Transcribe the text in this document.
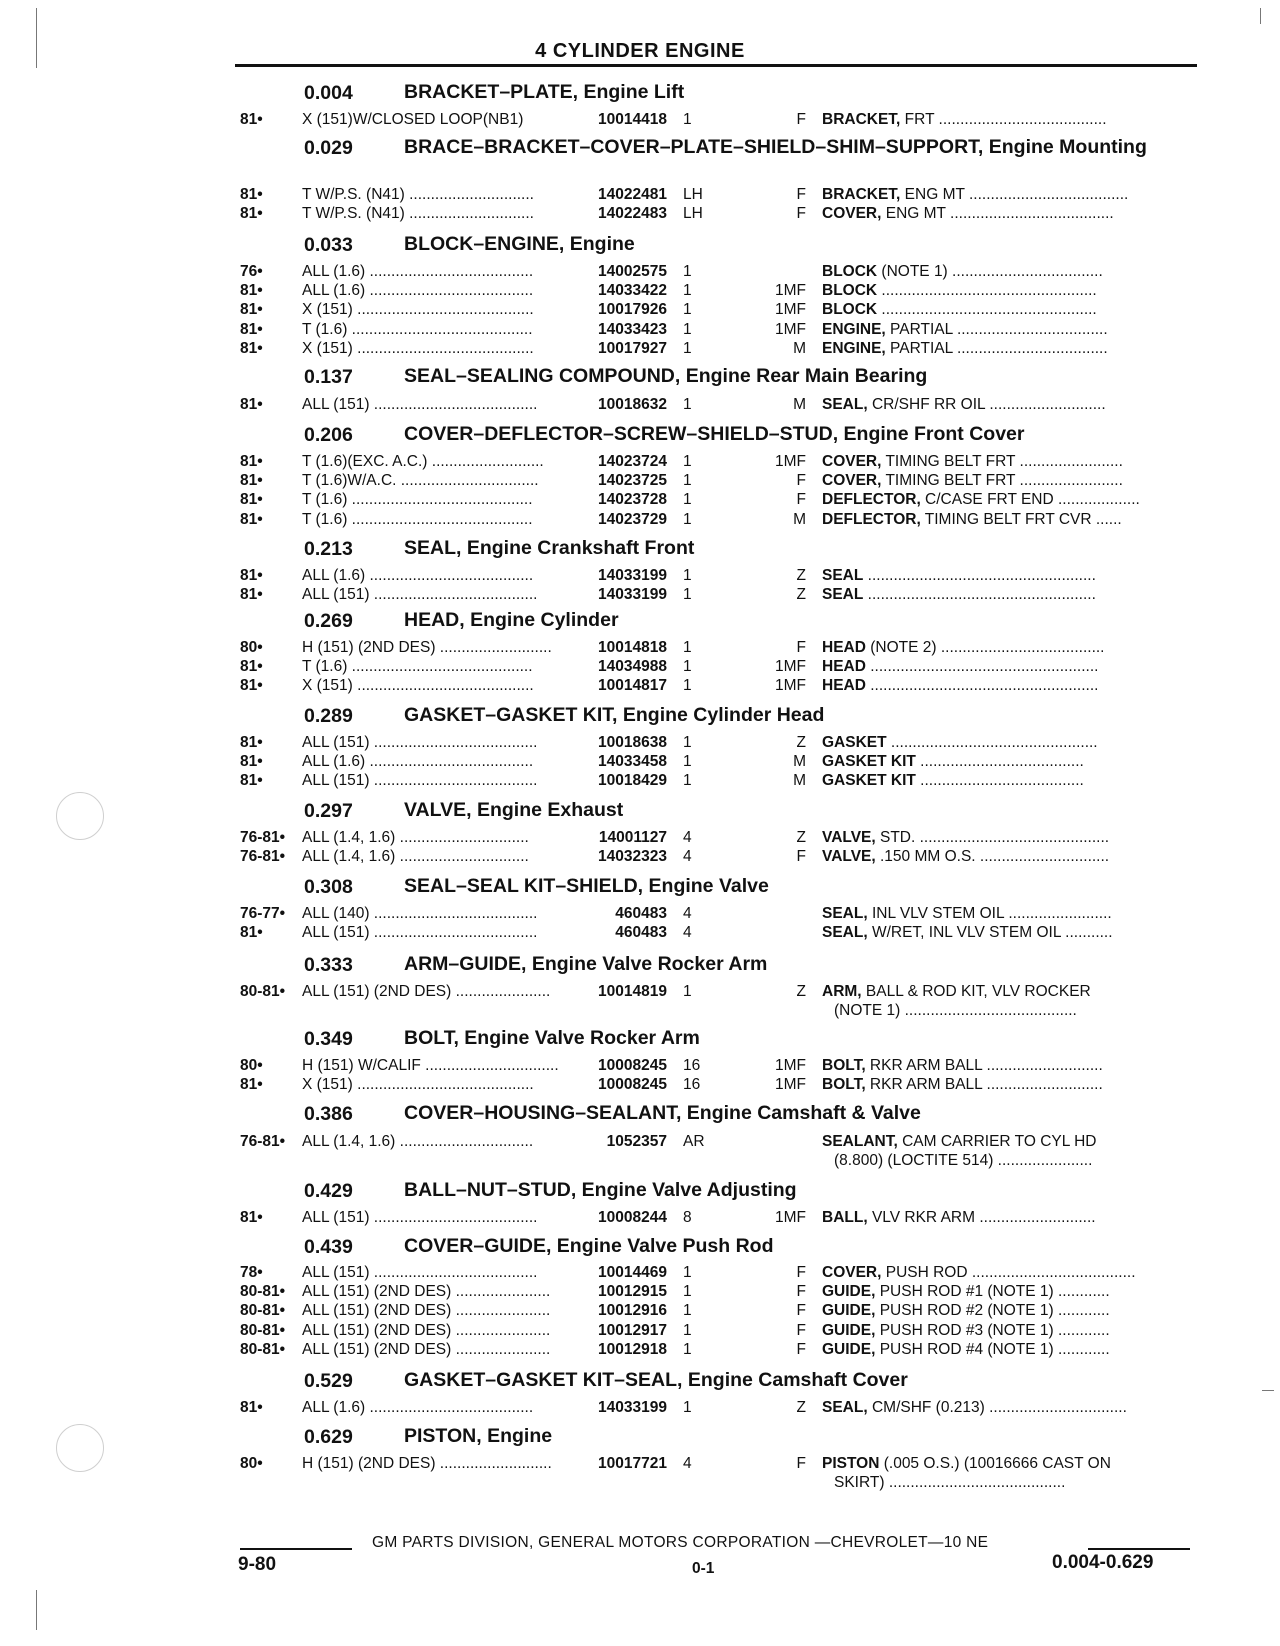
4 CYLINDER ENGINE
0.004	BRACKET–PLATE, Engine Lift
81•	X (151)W/CLOSED LOOP(NB1)	10014418 1	F BRACKET, FRT .......................................
0.029	BRACE–BRACKET–COVER–PLATE–SHIELD–SHIM–SUPPORT, Engine Mounting
81•	T W/P.S. (N41) .............................	14022481 LH	F BRACKET, ENG MT .....................................
81•	T W/P.S. (N41) .............................	14022483 LH	F COVER, ENG MT ......................................
0.033	BLOCK–ENGINE, Engine
76•	ALL (1.6) ......................................	14002575 1	BLOCK (NOTE 1) ...................................
81•	ALL (1.6) ......................................	14033422 1	1MF BLOCK ..................................................
81•	X (151) .........................................	10017926 1	1MF BLOCK ..................................................
81•	T (1.6) ..........................................	14033423 1	1MF ENGINE, PARTIAL ...................................
81•	X (151) .........................................	10017927 1	M ENGINE, PARTIAL ...................................
0.137	SEAL–SEALING COMPOUND, Engine Rear Main Bearing
81•	ALL (151) ......................................	10018632 1	M SEAL, CR/SHF RR OIL ...........................
0.206	COVER–DEFLECTOR–SCREW–SHIELD–STUD, Engine Front Cover
81•	T (1.6)(EXC. A.C.) ..........................	14023724 1	1MF COVER, TIMING BELT FRT ........................
81•	T (1.6)W/A.C. ................................	14023725 1	F COVER, TIMING BELT FRT ........................
81•	T (1.6) ..........................................	14023728 1	F DEFLECTOR, C/CASE FRT END ...................
81•	T (1.6) ..........................................	14023729 1	M DEFLECTOR, TIMING BELT FRT CVR ......
0.213	SEAL, Engine Crankshaft Front
81•	ALL (1.6) ......................................	14033199 1	Z SEAL .....................................................
81•	ALL (151) ......................................	14033199 1	Z SEAL .....................................................
0.269	HEAD, Engine Cylinder
80•	H (151) (2ND DES) ..........................	10014818 1	F HEAD (NOTE 2) ......................................
81•	T (1.6) ..........................................	14034988 1	1MF HEAD .....................................................
81•	X (151) .........................................	10014817 1	1MF HEAD .....................................................
0.289	GASKET–GASKET KIT, Engine Cylinder Head
81•	ALL (151) ......................................	10018638 1	Z GASKET ................................................
81•	ALL (1.6) ......................................	14033458 1	M GASKET KIT ......................................
81•	ALL (151) ......................................	10018429 1	M GASKET KIT ......................................
0.297	VALVE, Engine Exhaust
76-81• ALL (1.4, 1.6) ..............................	14001127 4	Z VALVE, STD. ............................................
76-81• ALL (1.4, 1.6) ..............................	14032323 4	F VALVE, .150 MM O.S. ..............................
0.308	SEAL–SEAL KIT–SHIELD, Engine Valve
76-77• ALL (140) ......................................	460483 4	SEAL, INL VLV STEM OIL ........................
81•	ALL (151) ......................................	460483 4	SEAL, W/RET, INL VLV STEM OIL ...........
0.333	ARM–GUIDE, Engine Valve Rocker Arm
80-81• ALL (151) (2ND DES) ......................	10014819 1	Z ARM, BALL & ROD KIT, VLV ROCKER
(NOTE 1) ........................................
0.349	BOLT, Engine Valve Rocker Arm
80•	H (151) W/CALIF ...............................	10008245 16	1MF BOLT, RKR ARM BALL ...........................
81•	X (151) .........................................	10008245 16	1MF BOLT, RKR ARM BALL ...........................
0.386	COVER–HOUSING–SEALANT, Engine Camshaft & Valve
76-81• ALL (1.4, 1.6) ...............................	1052357 AR	SEALANT, CAM CARRIER TO CYL HD
(8.800) (LOCTITE 514) ......................
0.429	BALL–NUT–STUD, Engine Valve Adjusting
81•	ALL (151) ......................................	10008244 8	1MF BALL, VLV RKR ARM ...........................
0.439	COVER–GUIDE, Engine Valve Push Rod
78•	ALL (151) ......................................	10014469 1	F COVER, PUSH ROD ......................................
80-81• ALL (151) (2ND DES) ......................	10012915 1	F GUIDE, PUSH ROD #1 (NOTE 1) ............
80-81• ALL (151) (2ND DES) ......................	10012916 1	F GUIDE, PUSH ROD #2 (NOTE 1) ............
80-81• ALL (151) (2ND DES) ......................	10012917 1	F GUIDE, PUSH ROD #3 (NOTE 1) ............
80-81• ALL (151) (2ND DES) ......................	10012918 1	F GUIDE, PUSH ROD #4 (NOTE 1) ............
0.529	GASKET–GASKET KIT–SEAL, Engine Camshaft Cover
81•	ALL (1.6) ......................................	14033199 1	Z SEAL, CM/SHF (0.213) ................................
0.629	PISTON, Engine
80•	H (151) (2ND DES) ..........................	10017721 4	F PISTON (.005 O.S.) (10016666 CAST ON
SKIRT) .........................................
GM PARTS DIVISION, GENERAL MOTORS CORPORATION —CHEVROLET—10 NE
9-80	0-1	0.004-0.629
